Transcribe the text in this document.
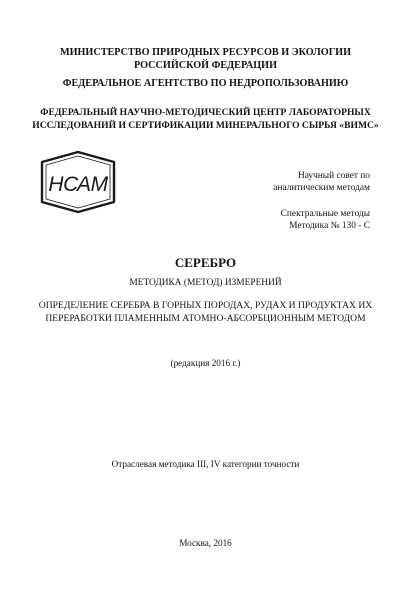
МИНИСТЕРСТВО ПРИРОДНЫХ РЕСУРСОВ И ЭКОЛОГИИ
РОССИЙСКОЙ ФЕДЕРАЦИИ
ФЕДЕРАЛЬНОЕ АГЕНТСТВО ПО НЕДРОПОЛЬЗОВАНИЮ
ФЕДЕРАЛЬНЫЙ НАУЧНО-МЕТОДИЧЕСКИЙ ЦЕНТР ЛАБОРАТОРНЫХ
ИССЛЕДОВАНИЙ И СЕРТИФИКАЦИИ МИНЕРАЛЬНОГО СЫРЬЯ «ВИМС»
НСАМ	Научный совет по
аналитическим методам
Спектральные методы
Методика № 130 - С
СЕРЕБРО
МЕТОДИКА (МЕТОД) ИЗМЕРЕНИЙ
ОПРЕДЕЛЕНИЕ СЕРЕБРА В ГОРНЫХ ПОРОДАХ, РУДАХ И ПРОДУКТАХ ИХ
ПЕРЕРАБОТКИ ПЛАМЕННЫМ АТОМНО-АБСОРБЦИОННЫМ МЕТОДОМ
(редакция 2016 г.)
Отраслевая методика III, IV категории точности
Москва, 2016
